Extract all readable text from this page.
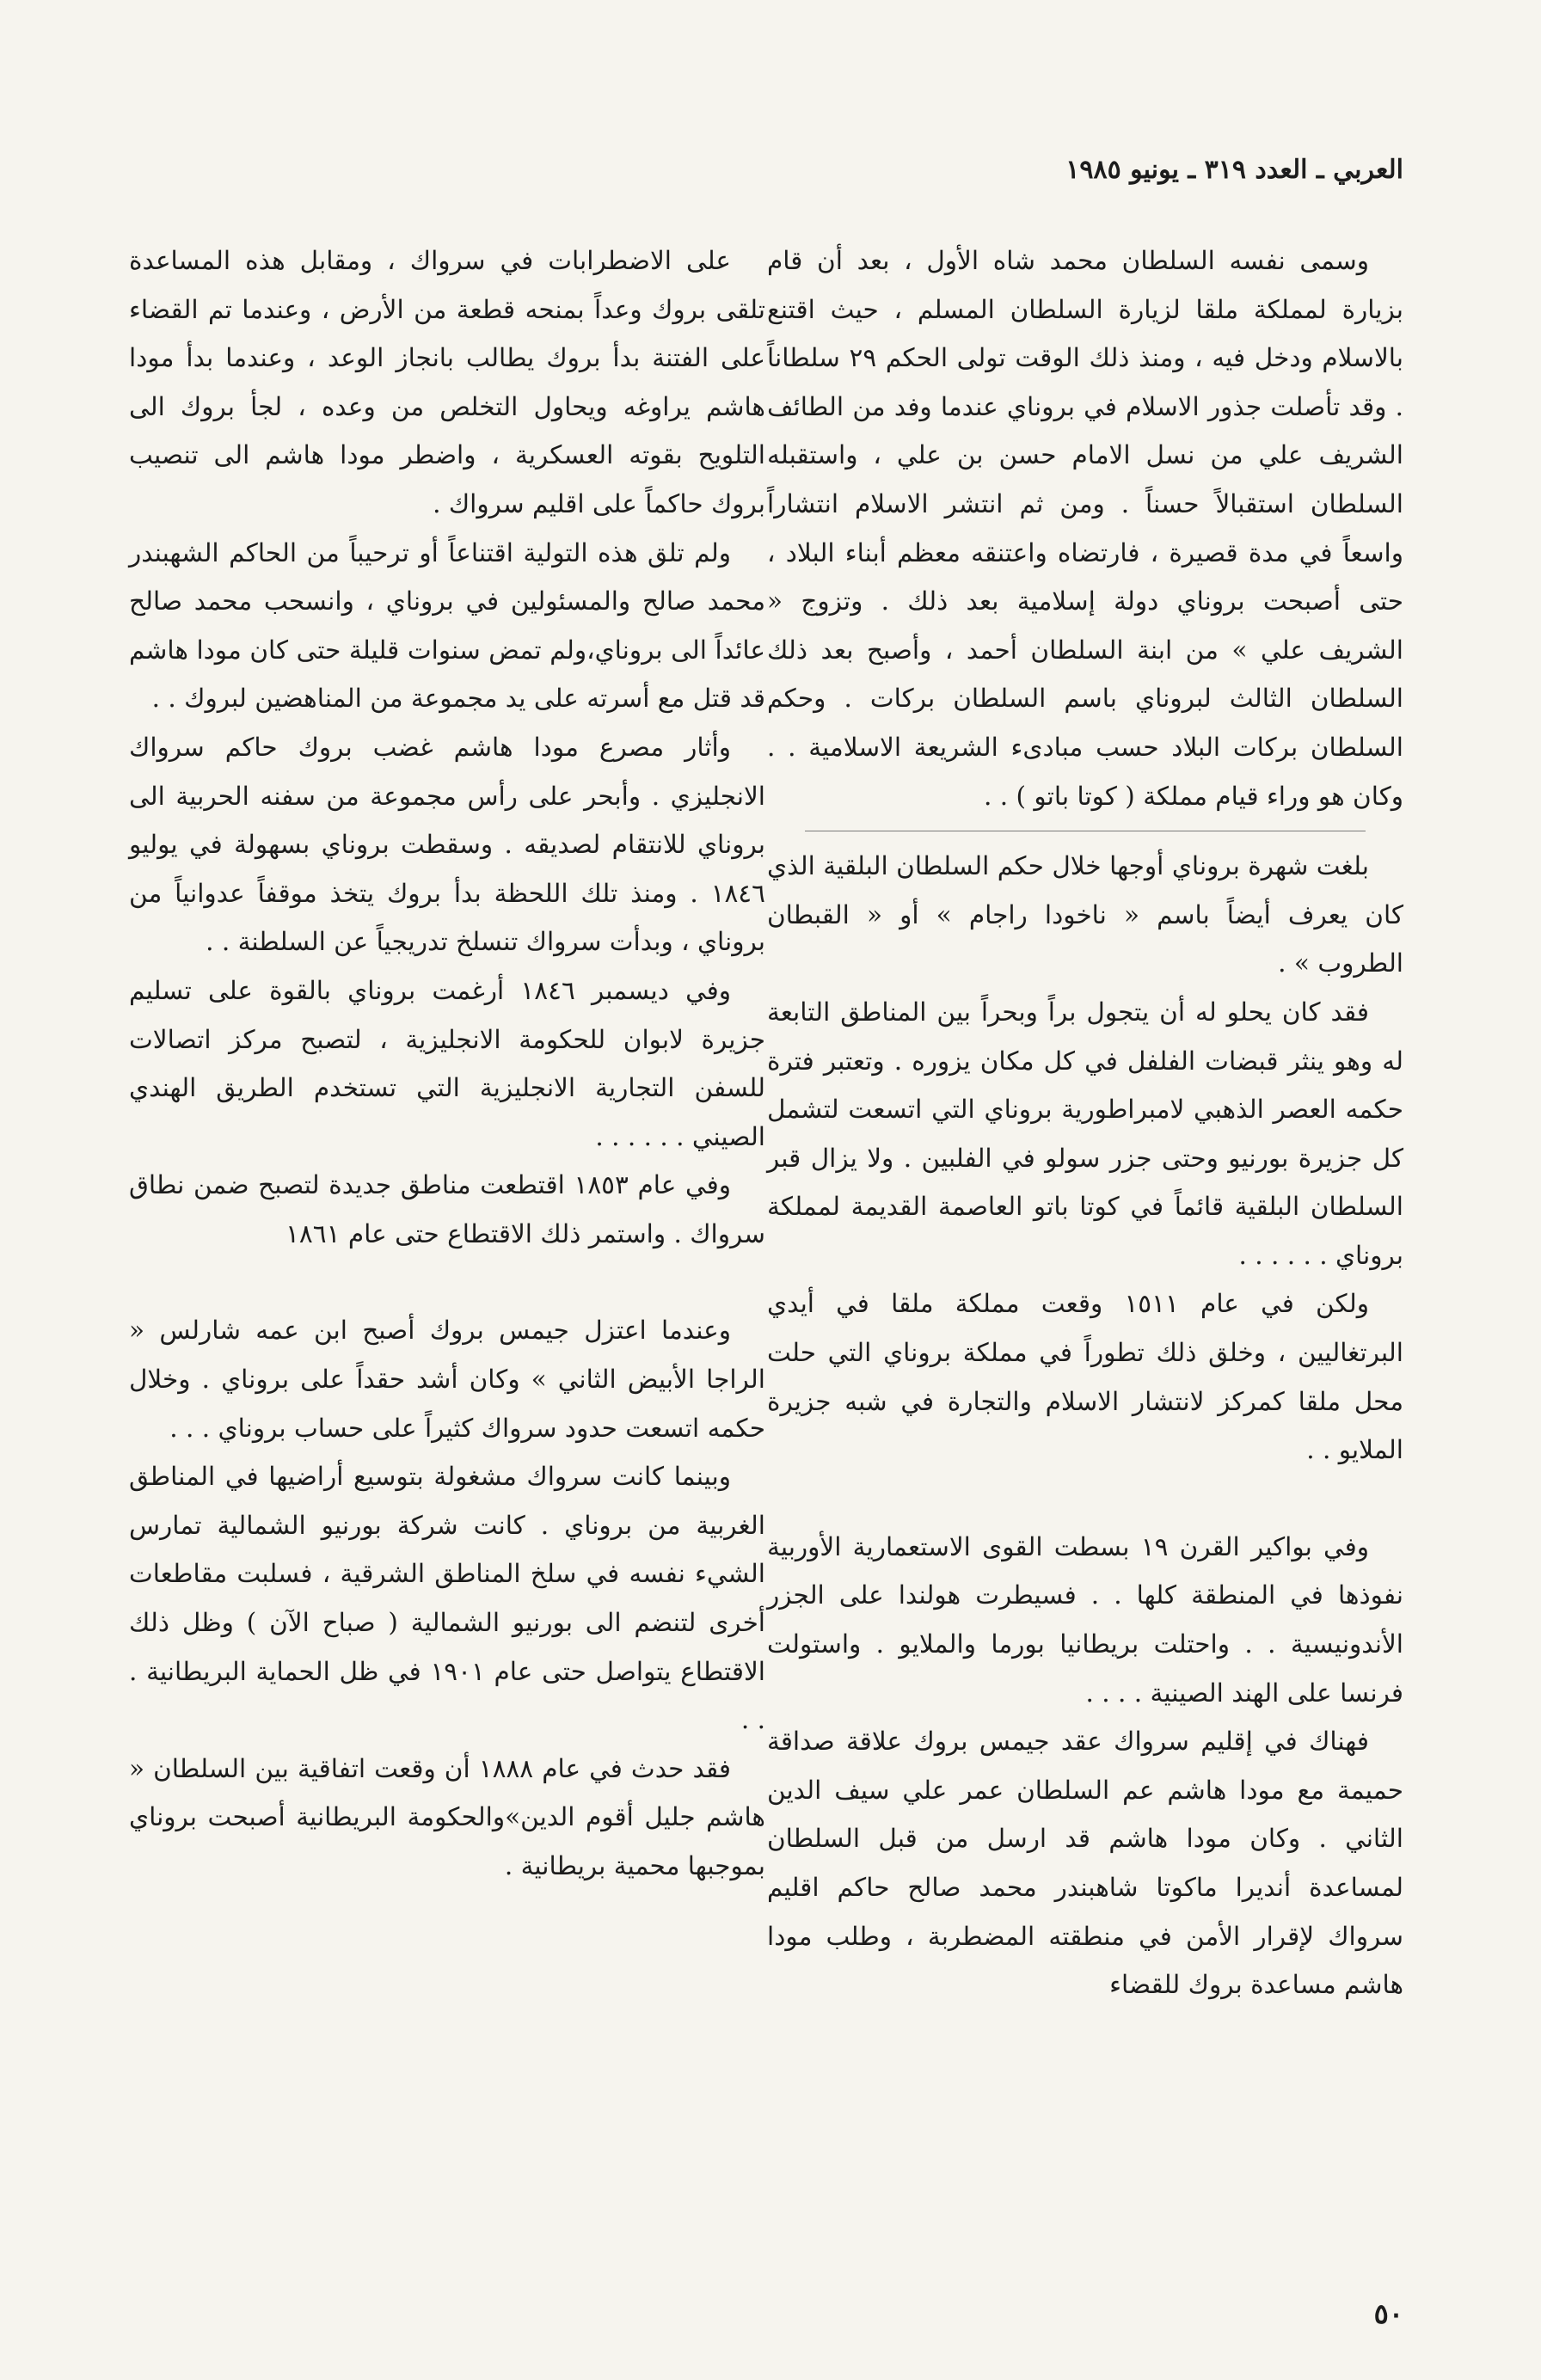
العربي ـ العدد ٣١٩ ـ يونيو ١٩٨٥

وسمى نفسه السلطان محمد شاه الأول ، بعد أن قام بزيارة لمملكة ملقا لزيارة السلطان المسلم ، حيث اقتنع بالاسلام ودخل فيه ، ومنذ ذلك الوقت تولى الحكم ٢٩ سلطاناً . وقد تأصلت جذور الاسلام في بروناي عندما وفد من الطائف الشريف علي من نسل الامام حسن بن علي ، واستقبله السلطان استقبالاً حسناً . ومن ثم انتشر الاسلام انتشاراً واسعاً في مدة قصيرة ، فارتضاه واعتنقه معظم أبناء البلاد ، حتى أصبحت بروناي دولة إسلامية بعد ذلك . وتزوج « الشريف علي » من ابنة السلطان أحمد ، وأصبح بعد ذلك السلطان الثالث لبروناي باسم السلطان بركات . وحكم السلطان بركات البلاد حسب مبادىء الشريعة الاسلامية . . وكان هو وراء قيام مملكة ( كوتا باتو ) . .

بلغت شهرة بروناي أوجها خلال حكم السلطان البلقية الذي كان يعرف أيضاً باسم « ناخودا راجام » أو « القبطان الطروب » .

فقد كان يحلو له أن يتجول براً وبحراً بين المناطق التابعة له وهو ينثر قبضات الفلفل في كل مكان يزوره . وتعتبر فترة حكمه العصر الذهبي لامبراطورية بروناي التي اتسعت لتشمل كل جزيرة بورنيو وحتى جزر سولو في الفلبين . ولا يزال قبر السلطان البلقية قائماً في كوتا باتو العاصمة القديمة لمملكة بروناي . . . . . .

ولكن في عام ١٥١١ وقعت مملكة ملقا في أيدي البرتغاليين ، وخلق ذلك تطوراً في مملكة بروناي التي حلت محل ملقا كمركز لانتشار الاسلام والتجارة في شبه جزيرة الملايو . .

وفي بواكير القرن ١٩ بسطت القوى الاستعمارية الأوربية نفوذها في المنطقة كلها . . فسيطرت هولندا على الجزر الأندونيسية . . واحتلت بريطانيا بورما والملايو . واستولت فرنسا على الهند الصينية . . . .

فهناك في إقليم سرواك عقد جيمس بروك علاقة صداقة حميمة مع مودا هاشم عم السلطان عمر علي سيف الدين الثاني . وكان مودا هاشم قد ارسل من قبل السلطان لمساعدة أنديرا ماكوتا شاهبندر محمد صالح حاكم اقليم سرواك لإقرار الأمن في منطقته المضطربة ، وطلب مودا هاشم مساعدة بروك للقضاء

على الاضطرابات في سرواك ، ومقابل هذه المساعدة تلقى بروك وعداً بمنحه قطعة من الأرض ، وعندما تم القضاء على الفتنة بدأ بروك يطالب بانجاز الوعد ، وعندما بدأ مودا هاشم يراوغه ويحاول التخلص من وعده ، لجأ بروك الى التلويح بقوته العسكرية ، واضطر مودا هاشم الى تنصيب بروك حاكماً على اقليم سرواك .

ولم تلق هذه التولية اقتناعاً أو ترحيباً من الحاكم الشهبندر محمد صالح والمسئولين في بروناي ، وانسحب محمد صالح عائداً الى بروناي،ولم تمض سنوات قليلة حتى كان مودا هاشم قد قتل مع أسرته على يد مجموعة من المناهضين لبروك . .

وأثار مصرع مودا هاشم غضب بروك حاكم سرواك الانجليزي . وأبحر على رأس مجموعة من سفنه الحربية الى بروناي للانتقام لصديقه . وسقطت بروناي بسهولة في يوليو ١٨٤٦ . ومنذ تلك اللحظة بدأ بروك يتخذ موقفاً عدوانياً من بروناي ، وبدأت سرواك تنسلخ تدريجياً عن السلطنة . .

وفي ديسمبر ١٨٤٦ أرغمت بروناي بالقوة على تسليم جزيرة لابوان للحكومة الانجليزية ، لتصبح مركز اتصالات للسفن التجارية الانجليزية التي تستخدم الطريق الهندي الصيني . . . . . .

وفي عام ١٨٥٣ اقتطعت مناطق جديدة لتصبح ضمن نطاق سرواك . واستمر ذلك الاقتطاع حتى عام ١٨٦١

وعندما اعتزل جيمس بروك أصبح ابن عمه شارلس « الراجا الأبيض الثاني » وكان أشد حقداً على بروناي . وخلال حكمه اتسعت حدود سرواك كثيراً على حساب بروناي . . .

وبينما كانت سرواك مشغولة بتوسيع أراضيها في المناطق الغربية من بروناي . كانت شركة بورنيو الشمالية تمارس الشيء نفسه في سلخ المناطق الشرقية ، فسلبت مقاطعات أخرى لتنضم الى بورنيو الشمالية ( صباح الآن ) وظل ذلك الاقتطاع يتواصل حتى عام ١٩٠١ في ظل الحماية البريطانية . . .

فقد حدث في عام ١٨٨٨ أن وقعت اتفاقية بين السلطان « هاشم جليل أقوم الدين»والحكومة البريطانية أصبحت بروناي بموجبها محمية بريطانية .

٥٠
